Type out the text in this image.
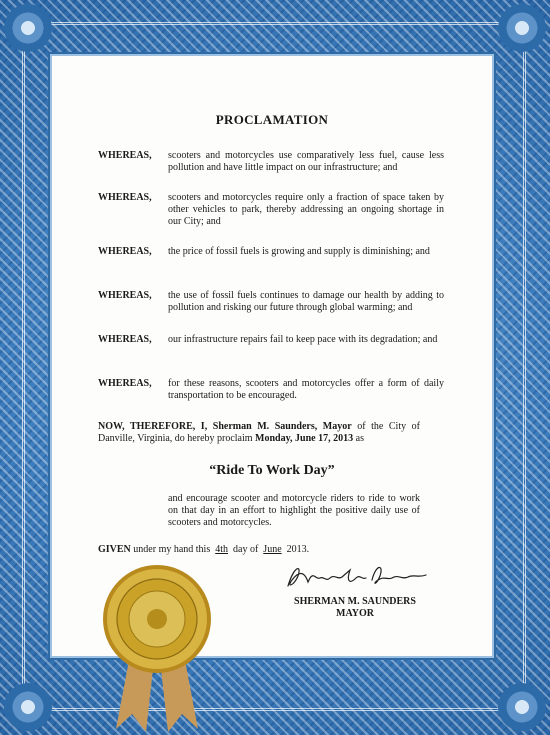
PROCLAMATION
WHEREAS, scooters and motorcycles use comparatively less fuel, cause less pollution and have little impact on our infrastructure; and
WHEREAS, scooters and motorcycles require only a fraction of space taken by other vehicles to park, thereby addressing an ongoing shortage in our City; and
WHEREAS, the price of fossil fuels is growing and supply is diminishing; and
WHEREAS, the use of fossil fuels continues to damage our health by adding to pollution and risking our future through global warming; and
WHEREAS, our infrastructure repairs fail to keep pace with its degradation; and
WHEREAS, for these reasons, scooters and motorcycles offer a form of daily transportation to be encouraged.
NOW, THEREFORE, I, Sherman M. Saunders, Mayor of the City of Danville, Virginia, do hereby proclaim Monday, June 17, 2013 as
“Ride To Work Day”
and encourage scooter and motorcycle riders to ride to work on that day in an effort to highlight the positive daily use of scooters and motorcycles.
GIVEN under my hand this  4th  day of  June  2013.
SHERMAN M. SAUNDERS
MAYOR
